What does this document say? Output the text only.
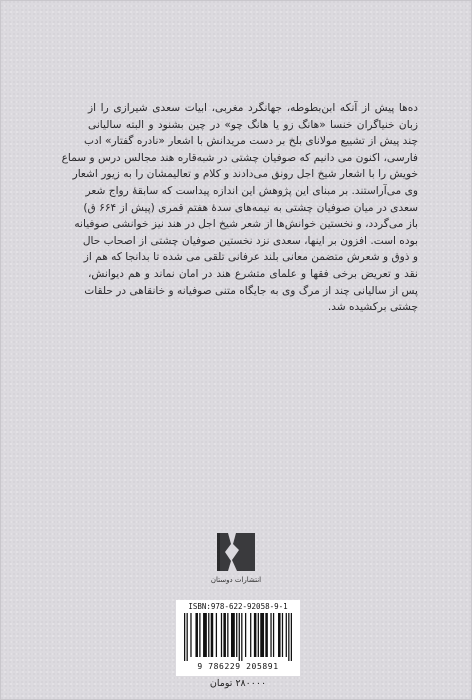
ده‌ها پیش از آنکه ابن‌بطوطه، جهانگرد مغربی، ابیات سعدی شیرازی را از
زبان خنیاگران خنسا «هانگ زو یا هانگ چو» در چین بشنود و البته سالیانی
چند پیش از تشییع مولانای بلخ بر دست مریدانش با اشعار «نادره گفتار» ادب
فارسی، اکنون می دانیم که صوفیان چشتی در شبه‌قاره هند مجالس درس و سماع
خویش را با اشعار شیخ اجل رونق می‌دادند و کلام و تعالیمشان را به زیور اشعار
وی می‌آراستند. بر مبنای این پژوهش این اندازه پیداست که سابقهٔ رواج شعر
سعدی در میان صوفیان چشتی به نیمه‌های سدهٔ هفتم قمری (پیش از ۶۶۴ ق)
باز می‌گردد، و نخستین خوانش‌ها از شعر شیخ اجل در هند نیز خوانشی صوفیانه
بوده است. افزون بر اینها، سعدی نزد نخستین صوفیان چشتی از اصحاب حال
و ذوق و شعرش متضمن معانی بلند عرفانی تلقی می شده تا بدانجا که هم از
نقد و تعریض برخی فقها و علمای متشرع هند در امان نماند و هم دیوانش،
پس از سالیانی چند از مرگ وی به جایگاه متنی صوفیانه و خانقاهی در حلقات
چشتی برکشیده شد.
انتشارات دوستان
ISBN:978-622-92058-9-1
9 786229 205891
۲۸۰۰۰۰ تومان
